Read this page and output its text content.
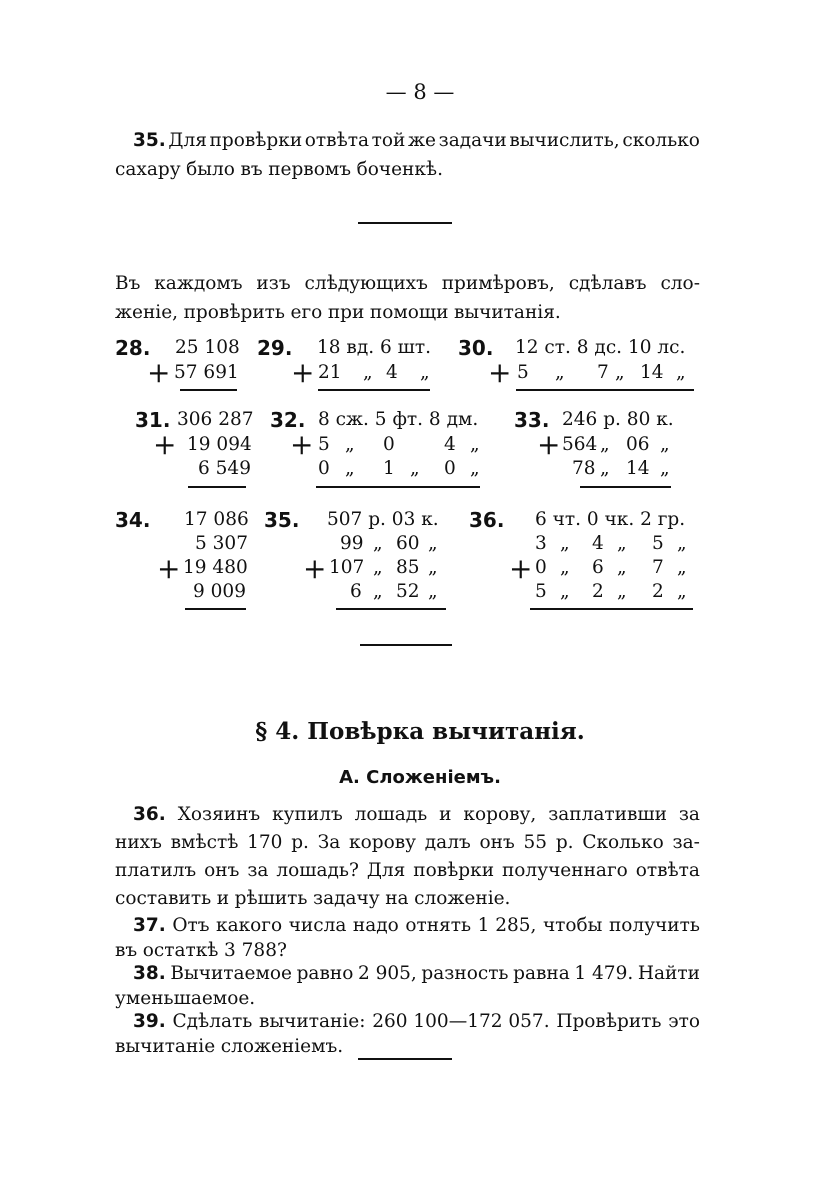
— 8 —
35. Для провѣрки отвѣта той же задачи вычислить, сколько
сахару было въ первомъ боченкѣ.
Въ каждомъ изъ слѣдующихъ примѣровъ, сдѣлавъ сло-
женіе, провѣрить его при помощи вычитанія.
28. 25 108
+ 57 691
29. 18 вд. 6 шт.
+ 21 „ 4 „
30. 12 ст. 8 дс. 10 лс.
+ 5 „ 7 „ 14 „
31. 306 287
+ 19 094
6 549
32. 8 сж. 5 фт. 8 дм.
+ 5 „ 0	4 „
0 „ 1 „ 0 „
33. 246 р. 80 к.
+ 564 „ 06 „
78 „ 14 „
34. 17 086
5 307
+ 19 480
9 009
35. 507 р. 03 к.
99 „ 60 „
+ 107 „ 85 „
6 „ 52 „
36. 6 чт. 0 чк. 2 гр.
3 „ 4 „ 5 „
+ 0 „ 6 „ 7 „
5 „ 2 „ 2 „
§ 4. Повѣрка вычитанія.
А. Сложеніемъ.
36. Хозяинъ купилъ лошадь и корову, заплативши за
нихъ вмѣстѣ 170 р. За корову далъ онъ 55 р. Сколько за-
платилъ онъ за лошадь? Для повѣрки полученнаго отвѣта
составить и рѣшить задачу на сложеніе.
37. Отъ какого числа надо отнять 1 285, чтобы получить
въ остаткѣ 3 788?
38. Вычитаемое равно 2 905, разность равна 1 479. Найти
уменьшаемое.
39. Сдѣлать вычитаніе: 260 100—172 057. Провѣрить это
вычитаніе сложеніемъ.
